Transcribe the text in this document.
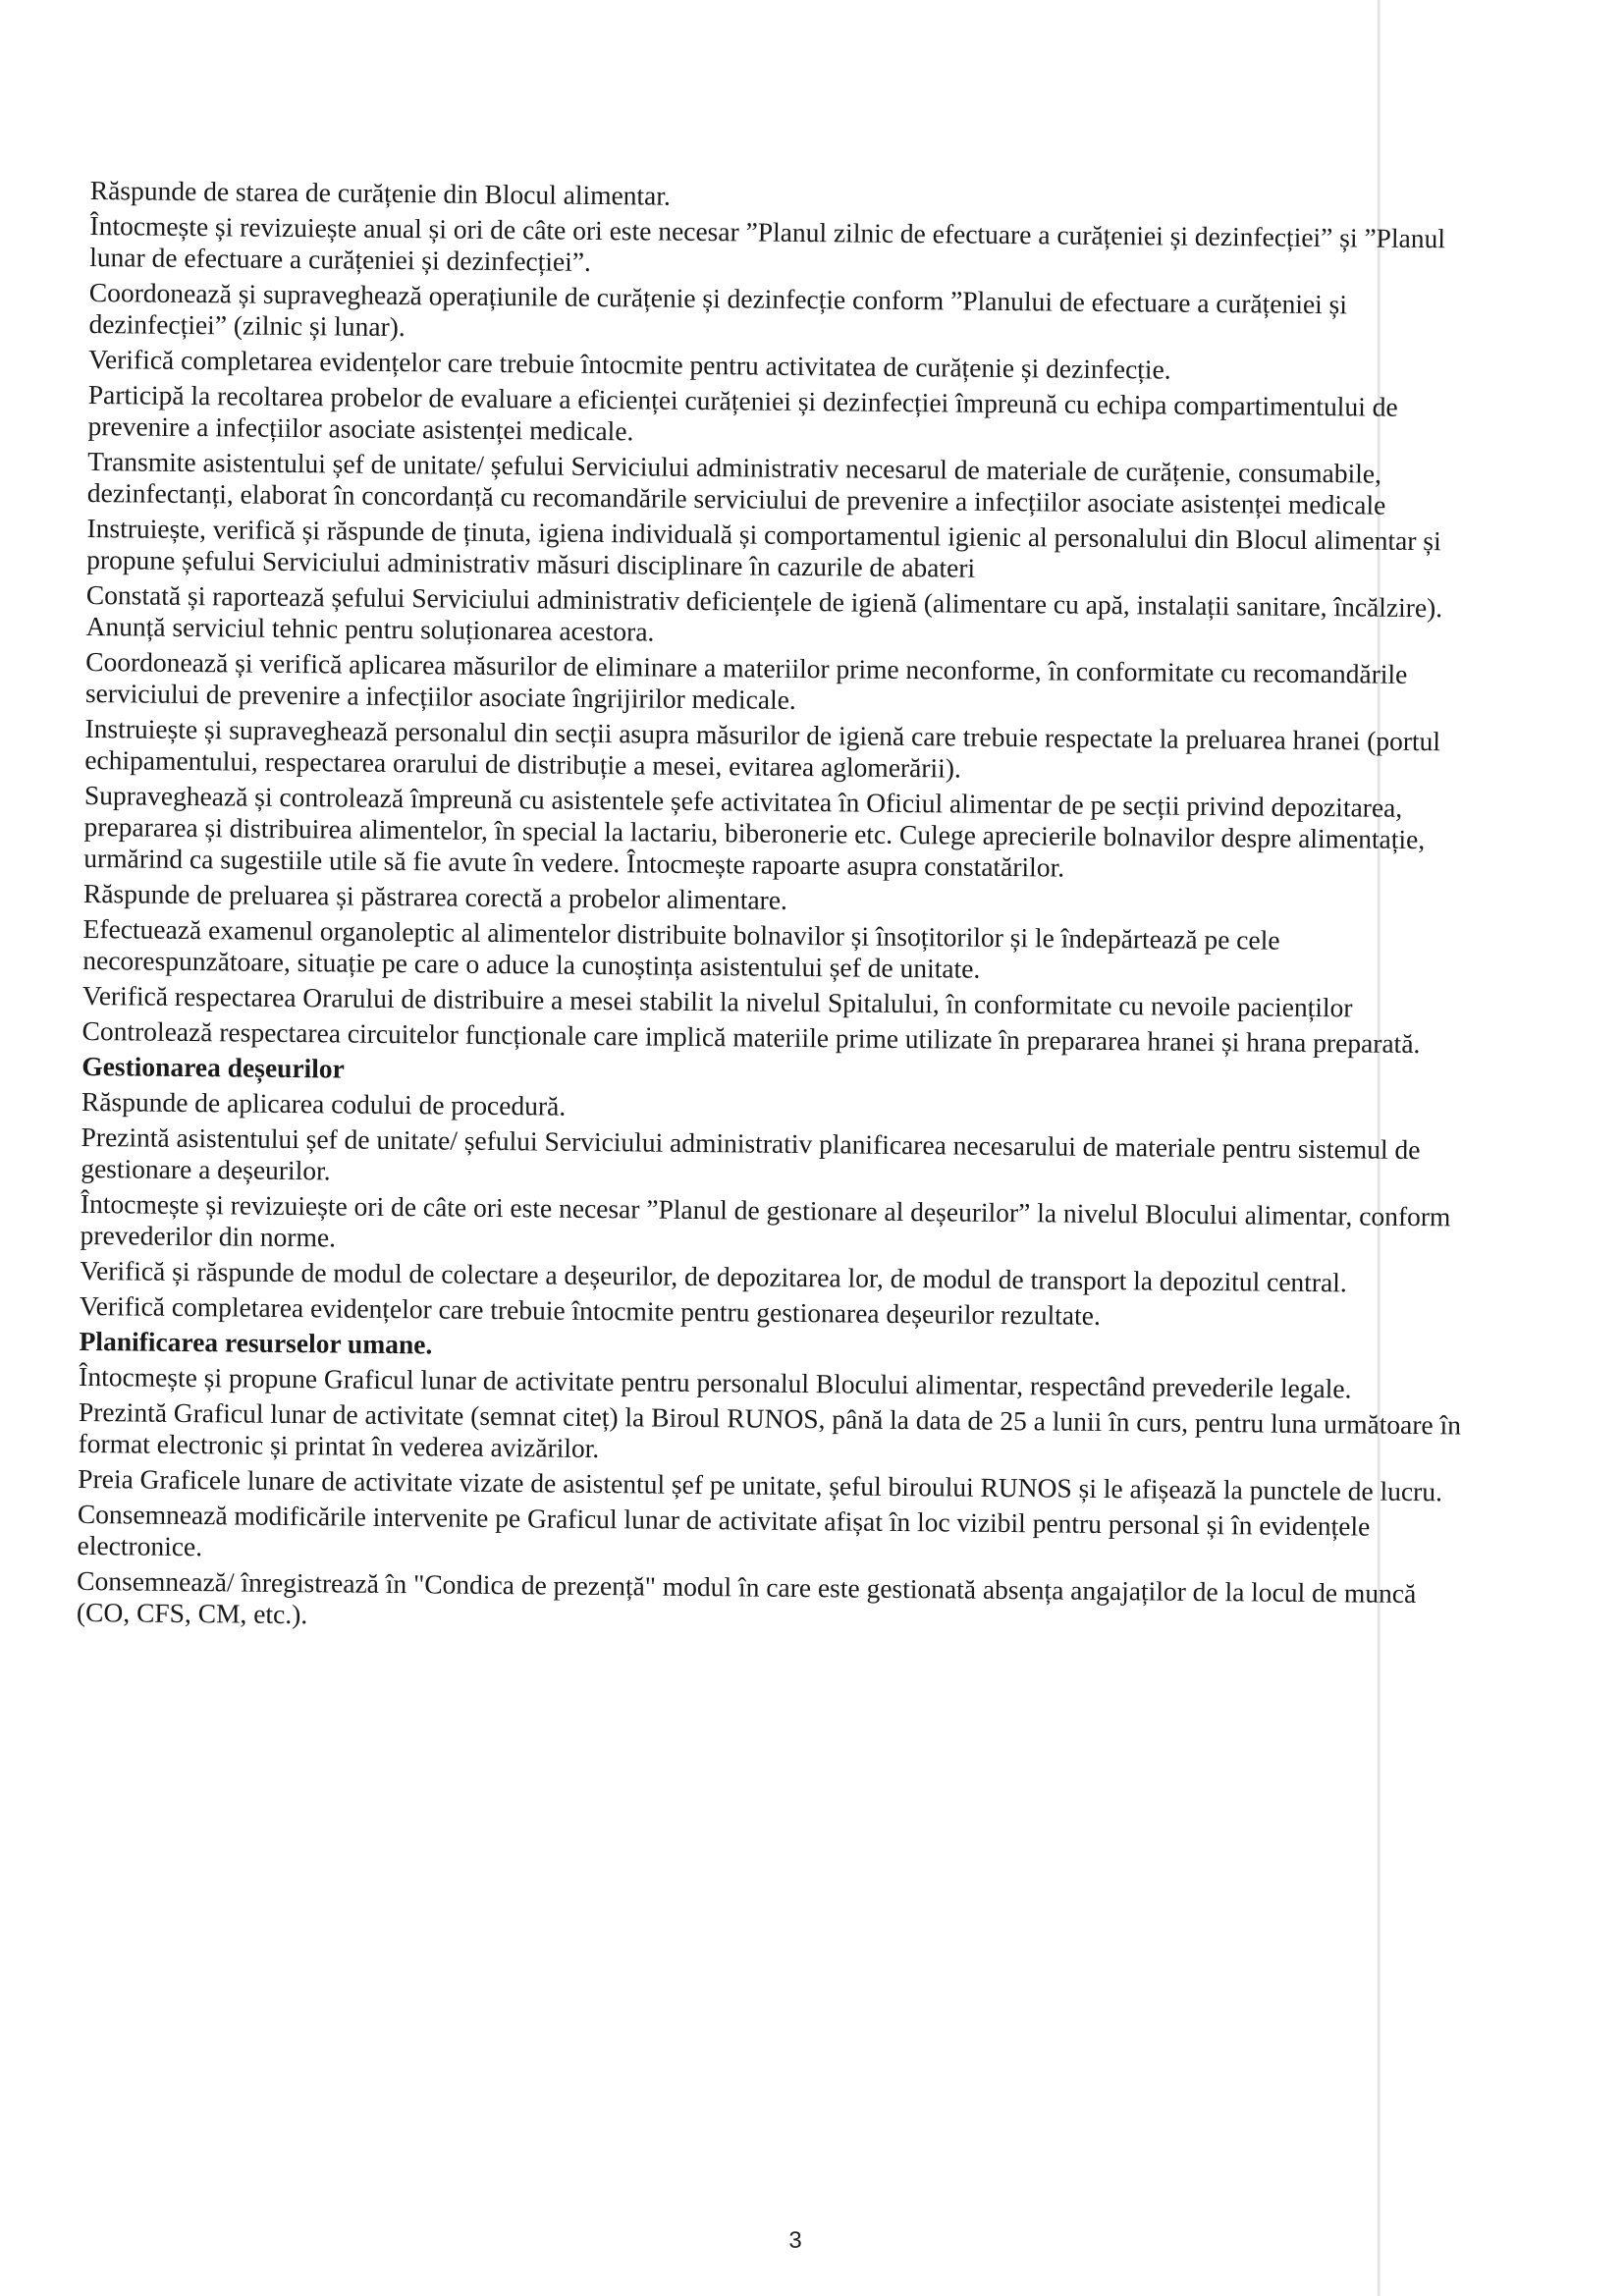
Răspunde de starea de curățenie din Blocul alimentar.

Întocmește și revizuiește anual și ori de câte ori este necesar ”Planul zilnic de efectuare a curățeniei și dezinfecției” și ”Planul lunar de efectuare a curățeniei și dezinfecției”.

Coordonează și supraveghează operațiunile de curățenie și dezinfecție conform ”Planului de efectuare a curățeniei și dezinfecției” (zilnic și lunar).

Verifică completarea evidențelor care trebuie întocmite pentru activitatea de curățenie și dezinfecție.

Participă la recoltarea probelor de evaluare a eficienței curățeniei și dezinfecției împreună cu echipa compartimentului de prevenire a infecțiilor asociate asistenței medicale.

Transmite asistentului șef de unitate/ șefului Serviciului administrativ necesarul de materiale de curățenie, consumabile, dezinfectanți, elaborat în concordanță cu recomandările serviciului de prevenire a infecțiilor asociate asistenței medicale

Instruiește, verifică și răspunde de ținuta, igiena individuală și comportamentul igienic al personalului din Blocul alimentar și propune șefului Serviciului administrativ măsuri disciplinare în cazurile de abateri

Constată și raportează șefului Serviciului administrativ deficiențele de igienă (alimentare cu apă, instalații sanitare, încălzire). Anunță serviciul tehnic pentru soluționarea acestora.

Coordonează și verifică aplicarea măsurilor de eliminare a materiilor prime neconforme, în conformitate cu recomandările serviciului de prevenire a infecțiilor asociate îngrijirilor medicale.

Instruiește și supraveghează personalul din secții asupra măsurilor de igienă care trebuie respectate la preluarea hranei (portul echipamentului, respectarea orarului de distribuție a mesei, evitarea aglomerării).

Supraveghează și controlează împreună cu asistentele șefe activitatea în Oficiul alimentar de pe secții privind depozitarea, prepararea și distribuirea alimentelor, în special la lactariu, biberonerie etc. Culege aprecierile bolnavilor despre alimentație, urmărind ca sugestiile utile să fie avute în vedere. Întocmește rapoarte asupra constatărilor.

Răspunde de preluarea și păstrarea corectă a probelor alimentare.

Efectuează examenul organoleptic al alimentelor distribuite bolnavilor și însoțitorilor și le îndepărtează pe cele necorespunzătoare, situație pe care o aduce la cunoștința asistentului șef de unitate.

Verifică respectarea Orarului de distribuire a mesei stabilit la nivelul Spitalului, în conformitate cu nevoile pacienților

Controlează respectarea circuitelor funcționale care implică materiile prime utilizate în prepararea hranei și hrana preparată.

Gestionarea deșeurilor

Răspunde de aplicarea codului de procedură.

Prezintă asistentului șef de unitate/ șefului Serviciului administrativ planificarea necesarului de materiale pentru sistemul de gestionare a deșeurilor.

Întocmește și revizuiește ori de câte ori este necesar ”Planul de gestionare al deșeurilor” la nivelul Blocului alimentar, conform prevederilor din norme.

Verifică și răspunde de modul de colectare a deșeurilor, de depozitarea lor, de modul de transport la depozitul central.

Verifică completarea evidențelor care trebuie întocmite pentru gestionarea deșeurilor rezultate.

Planificarea resurselor umane.

Întocmește și propune Graficul lunar de activitate pentru personalul Blocului alimentar, respectând prevederile legale.

Prezintă Graficul lunar de activitate (semnat citeț) la Biroul RUNOS, până la data de 25 a lunii în curs, pentru luna următoare în format electronic și printat în vederea avizărilor.

Preia Graficele lunare de activitate vizate de asistentul șef pe unitate, șeful biroului RUNOS și le afișează la punctele de lucru.

Consemnează modificările intervenite pe Graficul lunar de activitate afișat în loc vizibil pentru personal și în evidențele electronice.

Consemnează/ înregistrează în "Condica de prezență" modul în care este gestionată absența angajaților de la locul de muncă (CO, CFS, CM, etc.).

3
